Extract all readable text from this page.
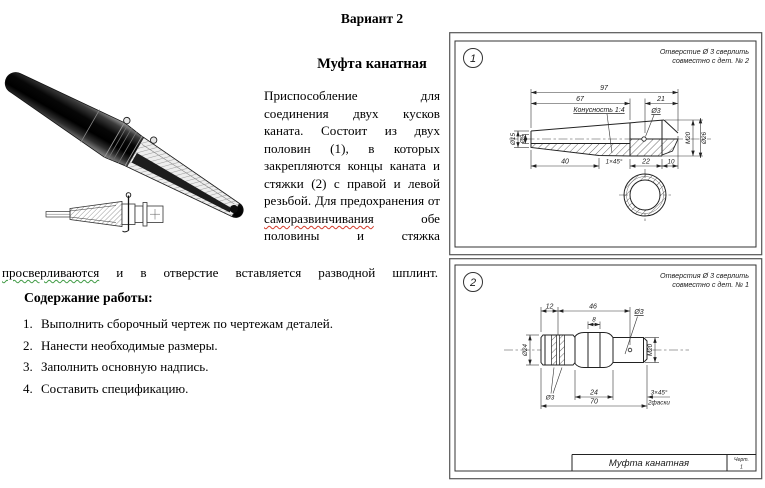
Вариант 2
Муфта канатная
Приспособление для соединения двух кусков каната. Состоит из двух половин (1), в которых закрепляются концы каната и стяжки (2) с правой и левой резьбой. Для предохранения от саморазвинчивания обе половины и стяжка
просверливаются и в отверстие вставляется разводной шплинт.
Содержание работы:
1. Выполнить сборочный чертеж по чертежам деталей.
2. Нанести необходимые размеры.
3. Заполнить основную надпись.
4. Составить спецификацию.
1
Отверстие Ø 3 сверлить
совместно с дет. № 2
Конусность 1:4	Ø3
97
67	21
40	1×45°	22	10
Ø15 Ø9	M20 Ø26
2
Отверстия Ø 3 сверлить
совместно с дет. № 1
Ø3
12	46
8
Ø3
24
70
3×45°
2фаски
Ø24	M20
Муфта канатная	Черт.
1
